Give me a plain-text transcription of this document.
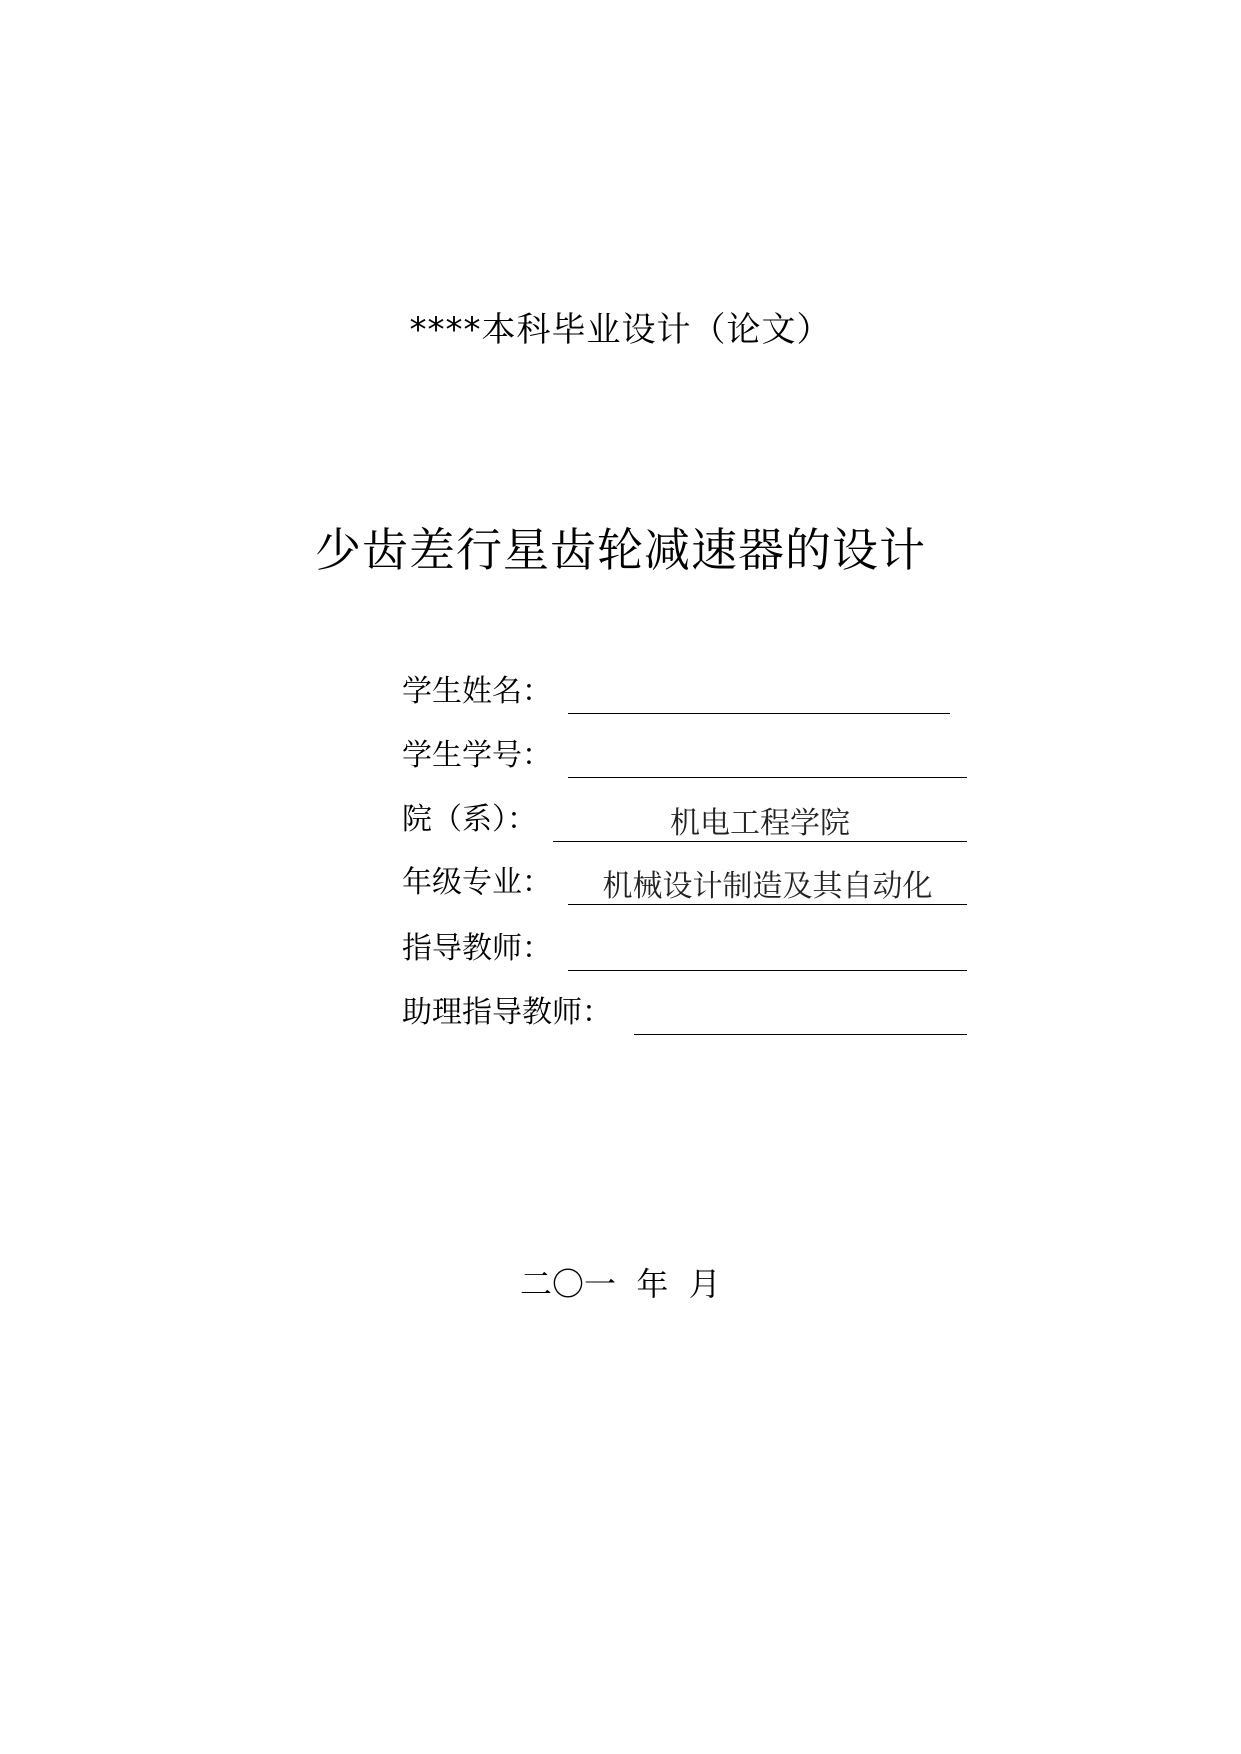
****本科毕业设计（论文）
少齿差行星齿轮减速器的设计
学生姓名：
学生学号：
院（系）：	机电工程学院
年级专业：	机械设计制造及其自动化
指导教师：
助理指导教师：
二〇一  年  月
